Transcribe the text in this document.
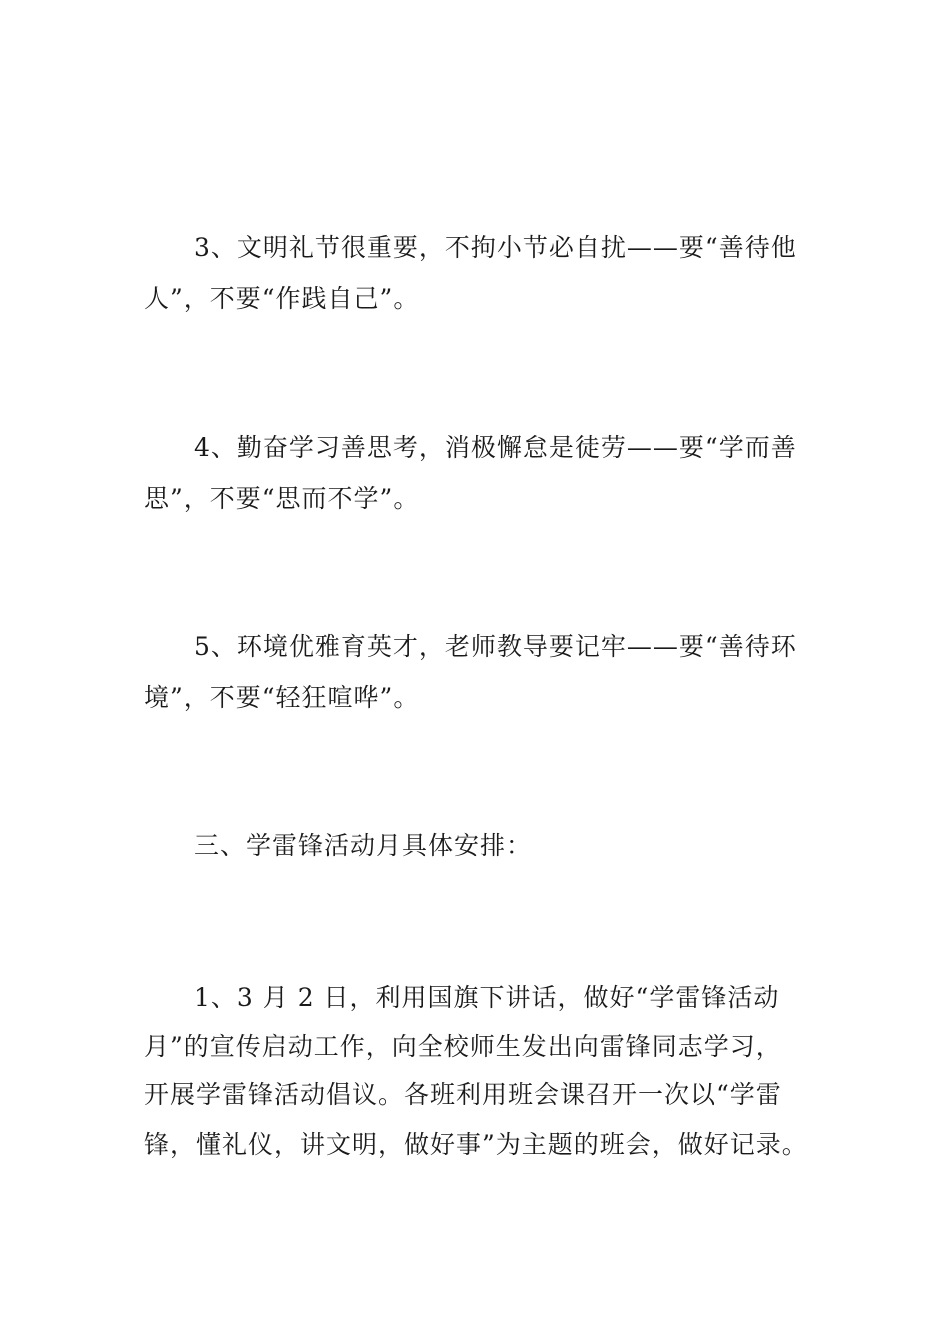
3、文明礼节很重要，不拘小节必自扰——要“善待他
人”，不要“作践自己”。
4、勤奋学习善思考，消极懈怠是徒劳——要“学而善
思”，不要“思而不学”。
5、环境优雅育英才，老师教导要记牢——要“善待环
境”，不要“轻狂喧哗”。
三、学雷锋活动月具体安排：
1、3 月 2 日，利用国旗下讲话，做好“学雷锋活动
月”的宣传启动工作，向全校师生发出向雷锋同志学习，
开展学雷锋活动倡议。各班利用班会课召开一次以“学雷
锋，懂礼仪，讲文明，做好事”为主题的班会，做好记录。
